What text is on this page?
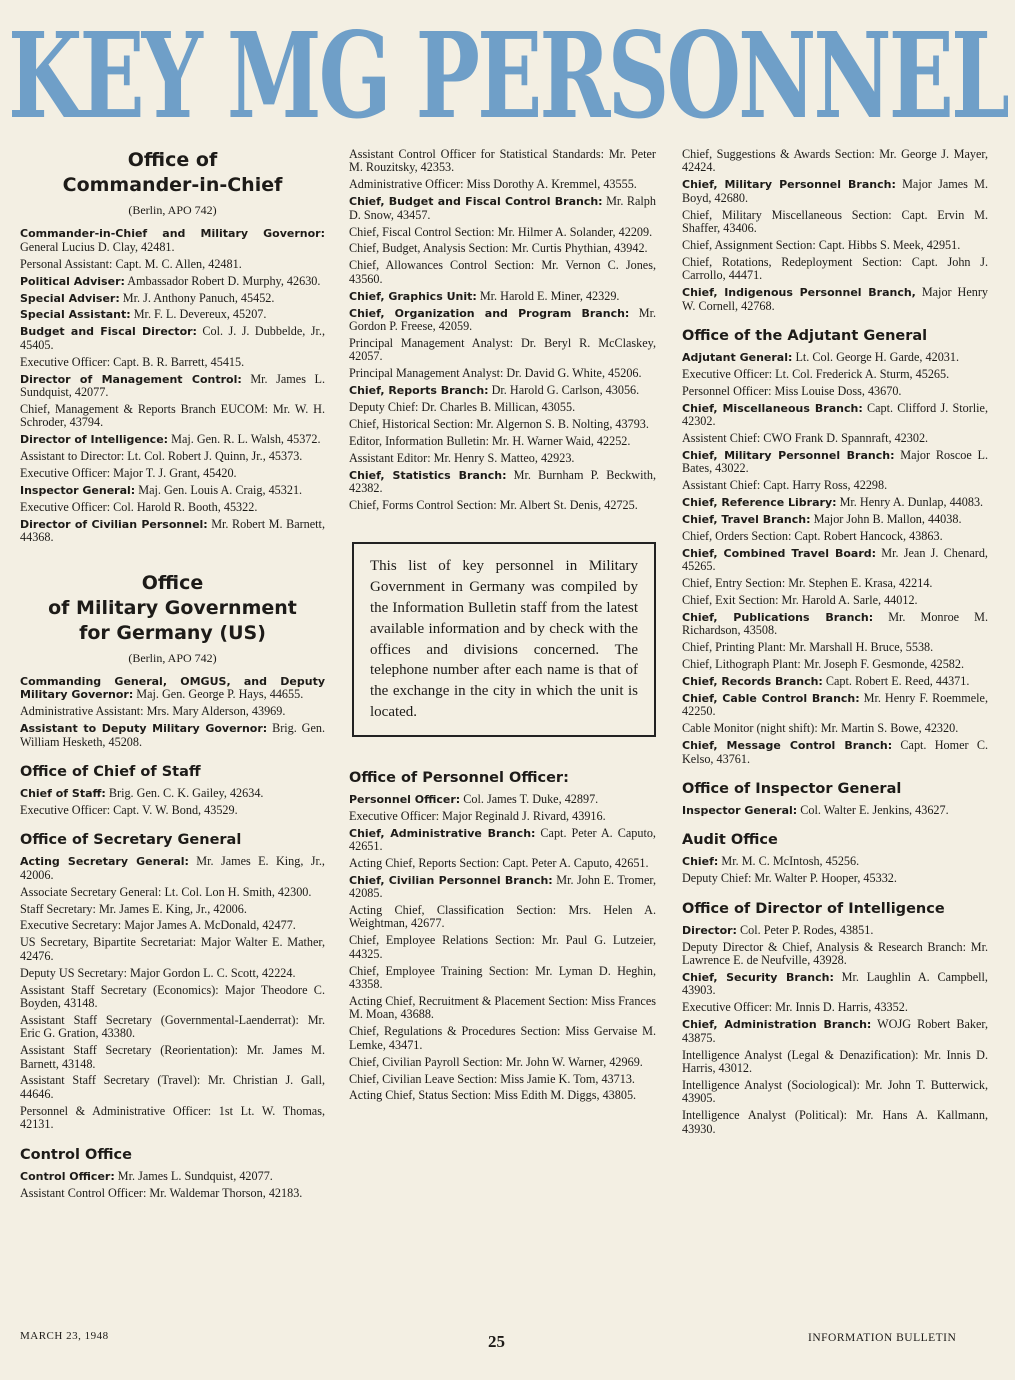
KEY MG PERSONNEL
Office of
Commander-in-Chief
(Berlin, APO 742)
Commander-in-Chief and Military Governor: General Lucius D. Clay, 42481.
Personal Assistant: Capt. M. C. Allen, 42481.
Political Adviser: Ambassador Robert D. Murphy, 42630.
Special Adviser: Mr. J. Anthony Panuch, 45452.
Special Assistant: Mr. F. L. Devereux, 45207.
Budget and Fiscal Director: Col. J. J. Dubbelde, Jr., 45405.
Executive Officer: Capt. B. R. Barrett, 45415.
Director of Management Control: Mr. James L. Sundquist, 42077.
Chief, Management & Reports Branch EUCOM: Mr. W. H. Schroder, 43794.
Director of Intelligence: Maj. Gen. R. L. Walsh, 45372.
Assistant to Director: Lt. Col. Robert J. Quinn, Jr., 45373.
Executive Officer: Major T. J. Grant, 45420.
Inspector General: Maj. Gen. Louis A. Craig, 45321.
Executive Officer: Col. Harold R. Booth, 45322.
Director of Civilian Personnel: Mr. Robert M. Barnett, 44368.
Office
of Military Government
for Germany (US)
(Berlin, APO 742)
Commanding General, OMGUS, and Deputy Military Governor: Maj. Gen. George P. Hays, 44655.
Administrative Assistant: Mrs. Mary Alderson, 43969.
Assistant to Deputy Military Governor: Brig. Gen. William Hesketh, 45208.
Office of Chief of Staff
Chief of Staff: Brig. Gen. C. K. Gailey, 42634.
Executive Officer: Capt. V. W. Bond, 43529.
Office of Secretary General
Acting Secretary General: Mr. James E. King, Jr., 42006.
Associate Secretary General: Lt. Col. Lon H. Smith, 42300.
Staff Secretary: Mr. James E. King, Jr., 42006.
Executive Secretary: Major James A. McDonald, 42477.
US Secretary, Bipartite Secretariat: Major Walter E. Mather, 42476.
Deputy US Secretary: Major Gordon L. C. Scott, 42224.
Assistant Staff Secretary (Economics): Major Theodore C. Boyden, 43148.
Assistant Staff Secretary (Governmental-Laenderrat): Mr. Eric G. Gration, 43380.
Assistant Staff Secretary (Reorientation): Mr. James M. Barnett, 43148.
Assistant Staff Secretary (Travel): Mr. Christian J. Gall, 44646.
Personnel & Administrative Officer: 1st Lt. W. Thomas, 42131.
Control Office
Control Officer: Mr. James L. Sundquist, 42077.
Assistant Control Officer: Mr. Waldemar Thorson, 42183.
Assistant Control Officer for Statistical Standards: Mr. Peter M. Rouzitsky, 42353.
Administrative Officer: Miss Dorothy A. Kremmel, 43555.
Chief, Budget and Fiscal Control Branch: Mr. Ralph D. Snow, 43457.
Chief, Fiscal Control Section: Mr. Hilmer A. Solander, 42209.
Chief, Budget, Analysis Section: Mr. Curtis Phythian, 43942.
Chief, Allowances Control Section: Mr. Vernon C. Jones, 43560.
Chief, Graphics Unit: Mr. Harold E. Miner, 42329.
Chief, Organization and Program Branch: Mr. Gordon P. Freese, 42059.
Principal Management Analyst: Dr. Beryl R. McClaskey, 42057.
Principal Management Analyst: Dr. David G. White, 45206.
Chief, Reports Branch: Dr. Harold G. Carlson, 43056.
Deputy Chief: Dr. Charles B. Millican, 43055.
Chief, Historical Section: Mr. Algernon S. B. Nolting, 43793.
Editor, Information Bulletin: Mr. H. Warner Waid, 42252.
Assistant Editor: Mr. Henry S. Matteo, 42923.
Chief, Statistics Branch: Mr. Burnham P. Beckwith, 42382.
Chief, Forms Control Section: Mr. Albert St. Denis, 42725.
This list of key personnel in Military Government in Germany was compiled by the Information Bulletin staff from the latest available information and by check with the offices and divisions concerned. The telephone number after each name is that of the exchange in the city in which the unit is located.
Office of Personnel Officer:
Personnel Officer: Col. James T. Duke, 42897.
Executive Officer: Major Reginald J. Rivard, 43916.
Chief, Administrative Branch: Capt. Peter A. Caputo, 42651.
Acting Chief, Reports Section: Capt. Peter A. Caputo, 42651.
Chief, Civilian Personnel Branch: Mr. John E. Tromer, 42085.
Acting Chief, Classification Section: Mrs. Helen A. Weightman, 42677.
Chief, Employee Relations Section: Mr. Paul G. Lutzeier, 44325.
Chief, Employee Training Section: Mr. Lyman D. Heghin, 43358.
Acting Chief, Recruitment & Placement Section: Miss Frances M. Moan, 43688.
Chief, Regulations & Procedures Section: Miss Gervaise M. Lemke, 43471.
Chief, Civilian Payroll Section: Mr. John W. Warner, 42969.
Chief, Civilian Leave Section: Miss Jamie K. Tom, 43713.
Acting Chief, Status Section: Miss Edith M. Diggs, 43805.
Chief, Suggestions & Awards Section: Mr. George J. Mayer, 42424.
Chief, Military Personnel Branch: Major James M. Boyd, 42680.
Chief, Military Miscellaneous Section: Capt. Ervin M. Shaffer, 43406.
Chief, Assignment Section: Capt. Hibbs S. Meek, 42951.
Chief, Rotations, Redeployment Section: Capt. John J. Carrollo, 44471.
Chief, Indigenous Personnel Branch, Major Henry W. Cornell, 42768.
Office of the Adjutant General
Adjutant General: Lt. Col. George H. Garde, 42031.
Executive Officer: Lt. Col. Frederick A. Sturm, 45265.
Personnel Officer: Miss Louise Doss, 43670.
Chief, Miscellaneous Branch: Capt. Clifford J. Storlie, 42302.
Assistent Chief: CWO Frank D. Spannraft, 42302.
Chief, Military Personnel Branch: Major Roscoe L. Bates, 43022.
Assistant Chief: Capt. Harry Ross, 42298.
Chief, Reference Library: Mr. Henry A. Dunlap, 44083.
Chief, Travel Branch: Major John B. Mallon, 44038.
Chief, Orders Section: Capt. Robert Hancock, 43863.
Chief, Combined Travel Board: Mr. Jean J. Chenard, 45265.
Chief, Entry Section: Mr. Stephen E. Krasa, 42214.
Chief, Exit Section: Mr. Harold A. Sarle, 44012.
Chief, Publications Branch: Mr. Monroe M. Richardson, 43508.
Chief, Printing Plant: Mr. Marshall H. Bruce, 5538.
Chief, Lithograph Plant: Mr. Joseph F. Gesmonde, 42582.
Chief, Records Branch: Capt. Robert E. Reed, 44371.
Chief, Cable Control Branch: Mr. Henry F. Roemmele, 42250.
Cable Monitor (night shift): Mr. Martin S. Bowe, 42320.
Chief, Message Control Branch: Capt. Homer C. Kelso, 43761.
Office of Inspector General
Inspector General: Col. Walter E. Jenkins, 43627.
Audit Office
Chief: Mr. M. C. McIntosh, 45256.
Deputy Chief: Mr. Walter P. Hooper, 45332.
Office of Director of Intelligence
Director: Col. Peter P. Rodes, 43851.
Deputy Director & Chief, Analysis & Research Branch: Mr. Lawrence E. de Neufville, 43928.
Chief, Security Branch: Mr. Laughlin A. Campbell, 43903.
Executive Officer: Mr. Innis D. Harris, 43352.
Chief, Administration Branch: WOJG Robert Baker, 43875.
Intelligence Analyst (Legal & Denazification): Mr. Innis D. Harris, 43012.
Intelligence Analyst (Sociological): Mr. John T. Butterwick, 43905.
Intelligence Analyst (Political): Mr. Hans A. Kallmann, 43930.
MARCH 23, 1948	25	INFORMATION BULLETIN
